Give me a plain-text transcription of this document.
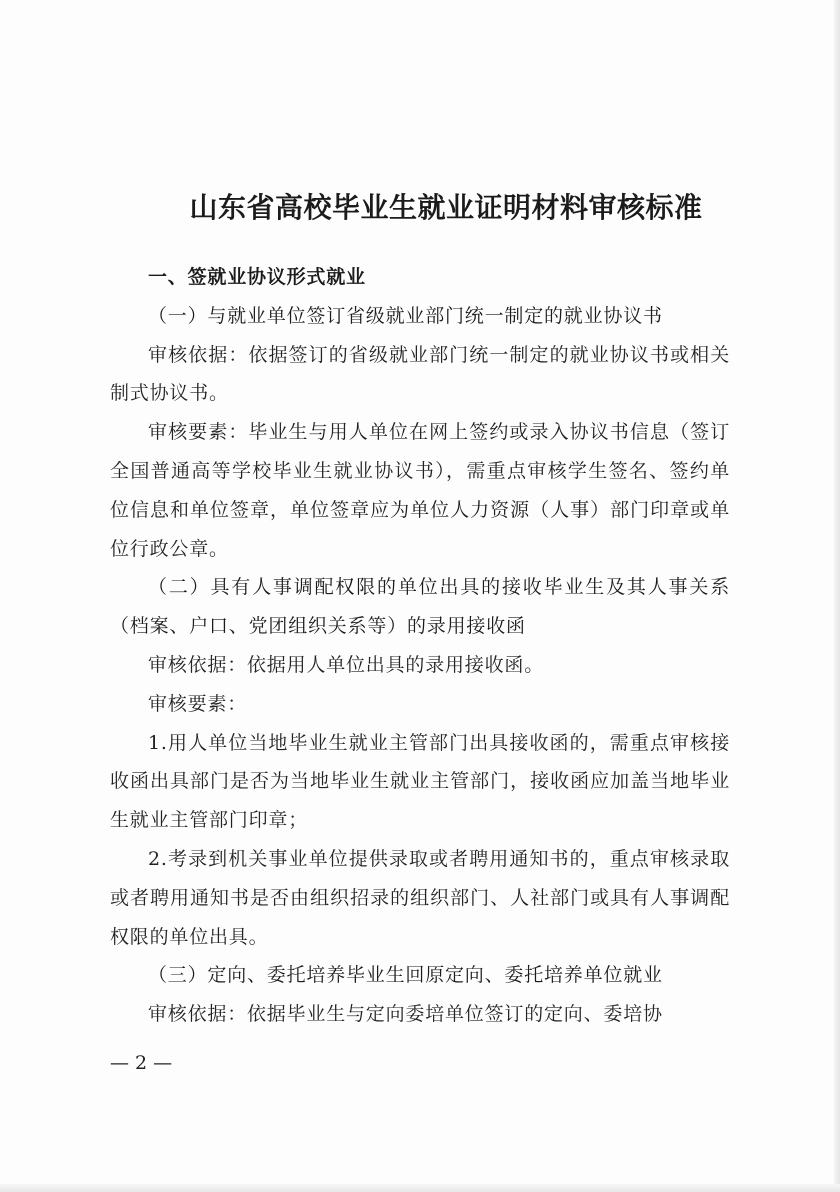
山东省高校毕业生就业证明材料审核标准

一、签就业协议形式就业

（一）与就业单位签订省级就业部门统一制定的就业协议书

审核依据：依据签订的省级就业部门统一制定的就业协议书或相关制式协议书。

审核要素：毕业生与用人单位在网上签约或录入协议书信息（签订全国普通高等学校毕业生就业协议书），需重点审核学生签名、签约单位信息和单位签章，单位签章应为单位人力资源（人事）部门印章或单位行政公章。

（二）具有人事调配权限的单位出具的接收毕业生及其人事关系（档案、户口、党团组织关系等）的录用接收函

审核依据：依据用人单位出具的录用接收函。

审核要素：

1.用人单位当地毕业生就业主管部门出具接收函的，需重点审核接收函出具部门是否为当地毕业生就业主管部门，接收函应加盖当地毕业生就业主管部门印章；

2.考录到机关事业单位提供录取或者聘用通知书的，重点审核录取或者聘用通知书是否由组织招录的组织部门、人社部门或具有人事调配权限的单位出具。

（三）定向、委托培养毕业生回原定向、委托培养单位就业

审核依据：依据毕业生与定向委培单位签订的定向、委培协

— 2 —
